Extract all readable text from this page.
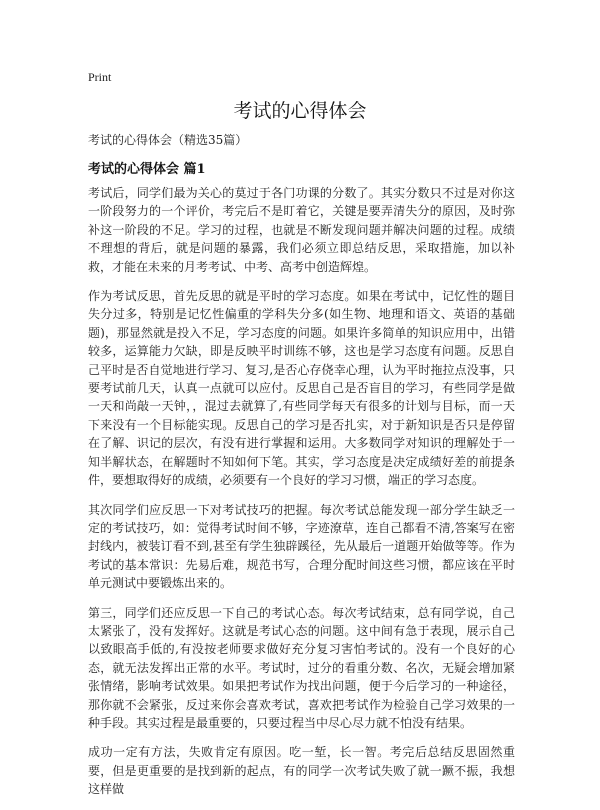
Print
考试的心得体会
考试的心得体会（精选35篇）
考试的心得体会 篇1

考试后，同学们最为关心的莫过于各门功课的分数了。其实分数只不过是对你这一阶段努力的一个评价，考完后不是盯着它，关键是要弄清失分的原因，及时弥补这一阶段的不足。学习的过程，也就是不断发现问题并解决问题的过程。成绩不理想的背后，就是问题的暴露，我们必须立即总结反思，采取措施，加以补救，才能在未来的月考考试、中考、高考中创造辉煌。

作为考试反思，首先反思的就是平时的学习态度。如果在考试中，记忆性的题目失分过多，特别是记忆性偏重的学科失分多(如生物、地理和语文、英语的基础题)，那显然就是投入不足，学习态度的问题。如果许多简单的知识应用中，出错较多，运算能力欠缺，即是反映平时训练不够，这也是学习态度有问题。反思自己平时是否自觉地进行学习、复习,是否心存侥幸心理，认为平时拖拉点没事，只要考试前几天，认真一点就可以应付。反思自己是否盲目的学习，有些同学是做一天和尚敲一天钟，，混过去就算了,有些同学每天有很多的计划与目标，而一天下来没有一个目标能实现。反思自己的学习是否扎实，对于新知识是否只是停留在了解、识记的层次，有没有进行掌握和运用。大多数同学对知识的理解处于一知半解状态，在解题时不知如何下笔。其实，学习态度是决定成绩好差的前提条件，要想取得好的成绩，必须要有一个良好的学习习惯，端正的学习态度。

其次同学们应反思一下对考试技巧的把握。每次考试总能发现一部分学生缺乏一定的考试技巧，如：觉得考试时间不够，字迹潦草，连自己都看不清,答案写在密封线内，被装订看不到,甚至有学生独辟蹊径，先从最后一道题开始做等等。作为考试的基本常识：先易后难，规范书写，合理分配时间这些习惯，都应该在平时单元测试中要锻炼出来的。

第三，同学们还应反思一下自己的考试心态。每次考试结束，总有同学说，自己太紧张了，没有发挥好。这就是考试心态的问题。这中间有急于表现，展示自己以致眼高手低的,有没按老师要求做好充分复习害怕考试的。没有一个良好的心态，就无法发挥出正常的水平。考试时，过分的看重分数、名次，无疑会增加紧张情绪，影响考试效果。如果把考试作为找出问题，便于今后学习的一种途径，那你就不会紧张，反过来你会喜欢考试，喜欢把考试作为检验自己学习效果的一种手段。其实过程是最重要的，只要过程当中尽心尽力就不怕没有结果。

成功一定有方法，失败肯定有原因。吃一堑，长一智。考完后总结反思固然重要，但是更重要的是找到新的起点，有的同学一次考试失败了就一蹶不振，我想这样做
